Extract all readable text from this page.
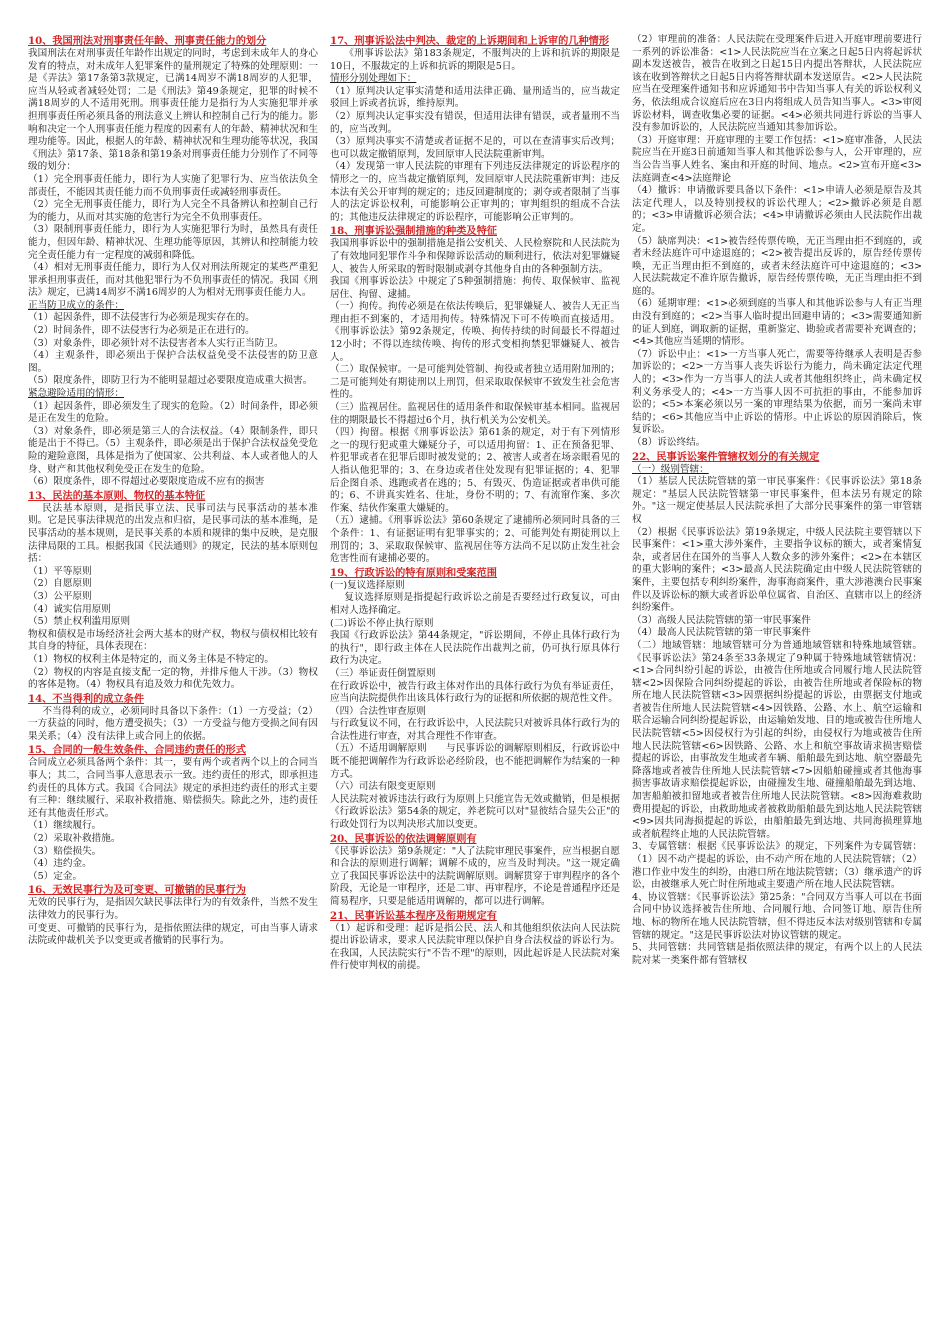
10、我国刑法对刑事责任年龄、刑事责任能力的划分

我国刑法在对刑事责任年龄作出规定的同时，考虑到未成年人的身心发育的特点，对未成年人犯罪案件的量刑规定了特殊的处理原则：一是《弄法》第17条第3款规定，已满14周岁不满18周岁的人犯罪，应当从轻或者减轻处罚；二是《刑法》第49条规定，犯罪的时候不满18周岁的人不适用死刑。刑事责任能力是指行为人实施犯罪并承担刑事责任所必须具备的刑法意义上辨认和控制自己行为的能力。影响和决定一个人刑事责任能力程度的因素有人的年龄、精神状况和生理功能等。因此，根据人的年龄、精神状况和生理功能等状况，我国《刑法》第17条、第18条和第19条对刑事责任能力分别作了不同等级的划分：

（1）完全刑事责任能力，即行为人实施了犯罪行为、应当依法负全部责任，不能因其责任能力而不负刑事责任或减轻刑事责任。

（2）完全无刑事责任能力，即行为人完全不具备辨认和控制自己行为的能力，从而对其实施的危害行为完全不负刑事责任。

（3）限制刑事责任能力，即行为人实施犯罪行为时，虽然具有责任能力，但因年龄、精神状况、生理功能等原因，其辨认和控制能力较完全责任能力有一定程度的减弱和降低。

（4）相对无刑事责任能力，即行为人仅对刑法所规定的某些严重犯罪承担刑事责任，而对其他犯罪行为不负刑事责任的情况。我国《刑法》规定，已满14周岁不满16周岁的人为相对无刑事责任能力人。

正当防卫成立的条件：

（1）起因条件，即不法侵害行为必须是现实存在的。

（2）时间条件，即不法侵害行为必须是正在进行的。

（3）对象条件，即必须针对不法侵害者本人实行正当防卫。

（4）主观条件，即必须出于保护合法权益免受不法侵害的防卫意图。

（5）限度条件，即防卫行为不能明显超过必要限度造成重大损害。

紧急避险适用的情形：

（1）起因条件，即必须发生了现实的危险。（2）时间条件，即必须是正在发生的危险。

（3）对象条件，即必须是第三人的合法权益。（4）限制条件，即只能是出于不得已。（5）主观条件，即必须是出于保护合法权益免受危险的避险意图，具体是指为了使国家、公共利益、本人或者他人的人身、财产和其他权利免受正在发生的危险。

（6）限度条件，即不得超过必要限度造成不应有的损害

13、民法的基本原则、物权的基本特征

民法基本原则，是指民事立法、民事司法与民事活动的基本准则。它是民事法律规范的出发点和归宿，是民事司法的基本准绳，是民事活动的基本规则，是民事关系的本质和规律的集中反映，是克服法律局限的工具。根据我国《民法通则》的规定，民法的基本原则包括：

（1）平等原则

（2）自愿原则

（3）公平原则

（4）诚实信用原则

（5）禁止权利滥用原则

物权和债权是市场经济社会两大基本的财产权，物权与债权相比较有其自身的特征，具体表现在：

（1）物权的权利主体是特定的，而义务主体是不特定的。

（2）物权的内容是直接支配一定的物，并排斥他人干涉。（3）物权的客体是物。（4）物权具有追及效力和优先效力。

14、不当得利的成立条件

不当得利的成立，必须同时具备以下条件：（1）一方受益；（2）一方获益的同时，他方遭受损失；（3）一方受益与他方受损之间有因果关系；（4）没有法律上或合同上的依据。

15、合同的一般生效条件、合同违约责任的形式

合同成立必须具备两个条件：其一，要有两个或者两个以上的合同当事人；其二，合同当事人意思表示一致。违约责任的形式，即承担违约责任的具体方式。我国《合同法》规定的承担违约责任的形式主要有三种：继续履行、采取补救措施、赔偿损失。除此之外，违约责任还有其他责任形式。

（1）继续履行。

（2）采取补救措施。

（3）赔偿损失。

（4）违约金。

（5）定金。

16、无效民事行为及可变更、可撤销的民事行为

无效的民事行为，是指因欠缺民事法律行为的有效条件，当然不发生法律效力的民事行为。

可变更、可撤销的民事行为，是指依照法律的规定，可由当事人请求法院或仲裁机关予以变更或者撤销的民事行为。

17、刑事诉讼法中判决、裁定的上诉期间和上诉审的几种情形

《刑事诉讼法》第183条规定，不服判决的上诉和抗诉的期限是10日，不服裁定的上诉和抗诉的期限是5日。

情形分别处理如下：

（1）原判决认定事实清楚和适用法律正确、量刑适当的，应当裁定驳回上诉或者抗诉，维持原判。

（2）原判决认定事实没有错误，但适用法律有错误，或者量刑不当的，应当改判。

（3）原判决事实不清楚或者证据不足的，可以在查清事实后改判；也可以裁定撤销原判，发回原审人民法院重新审判。

（4）发现第一审人民法院的审理有下列违反法律规定的诉讼程序的情形之一的，应当裁定撤销原判，发回原审人民法院重新审判：违反本法有关公开审判的规定的；违反回避制度的；剥夺或者限制了当事人的法定诉讼权利，可能影响公正审判的；审判组织的组成不合法的；其他违反法律规定的诉讼程序，可能影响公正审判的。

18、刑事诉讼强制措施的种类及特征

我国刑事诉讼中的强制措施是指公安机关、人民检察院和人民法院为了有效地同犯罪作斗争和保障诉讼活动的顺利进行，依法对犯罪嫌疑人、被告人所采取的暂时限制或剥夺其他身自由的各种强制方法。

我国《刑事诉讼法》中规定了5种强制措施：拘传、取保候审、监视居住、拘留、逮捕。

（一）拘传。拘传必须是在依法传唤后，犯罪嫌疑人、被告人无正当理由拒不到案的，才适用拘传。特殊情况下可不传唤而直接适用。《刑事诉讼法》第92条规定，传唤、拘传持续的时间最长不得超过12小时；不得以连续传唤、拘传的形式变相拘禁犯罪嫌疑人、被告人。

（二）取保候审。一是可能判处管制、拘役或者独立适用附加刑的；二是可能判处有期徒刑以上刑罚，但采取取保候审不致发生社会危害性的。

（三）监视居住。监视居住的适用条件和取保候审基本相同。监视居住的期限最长不得超过6个月，执行机关为公安机关。

（四）拘留。根据《刑事诉讼法》第61条的规定，对于有下列情形之一的现行犯或重大嫌疑分子，可以适用拘留：1、正在预备犯罪、杵犯罪或者在犯罪后即时被发觉的；2、被害人或者在场亲眼看见的人指认他犯罪的；3、在身边或者住处发现有犯罪证据的；4、犯罪后企图自杀、逃跑或者在逃的；5、有毁灭、伪造证据或者串供可能的；6、不讲真实姓名、住址，身份不明的；7、有流窜作案、多次作案、结伙作案重大嫌疑的。

（五）逮捕。《刑事诉讼法》第60条规定了逮捕所必须同时具备的三个条件：1、有证据证明有犯罪事实的；2、可能判处有期徒刑以上刑罚的；3、采取取保候审、监视居住等方法尚不足以防止发生社会危害性而有逮捕必要的。

19、行政诉讼的特有原则和受案范围

(一)复议选择原则

复议选择原则是指提起行政诉讼之前是否要经过行政复议，可由相对人选择确定。

(二)诉讼不停止执行原则

我国《行政诉讼法》第44条规定，"诉讼期间，不停止具体行政行为的执行"，即行政主体在人民法院作出裁判之前，仍可执行原具体行政行为决定。

（三）举证责任倒置原则

在行政诉讼中，被告行政主体对作出的具体行政行为负有举证责任，应当向法院提供作出该具体行政行为的证据和所依据的规范性文件。

（四）合法性审查原则

与行政复议不同，在行政诉讼中，人民法院只对被诉具体行政行为的合法性进行审查，对其合理性不作审查。

（五）不适用调解原则　　与民事诉讼的调解原则相反，行政诉讼中既不能把调解作为行政诉讼必经阶段，也不能把调解作为结案的一种方式。

（六）司法有限变更原则

人民法院对被诉违法行政行为原则上只能宣告无效或撤销，但是根据《行政诉讼法》第54条的规定，养老院可以对"显彼结合显失公正"的行政处罚行为以判决形式加以变更。

20、民事诉讼的依法调解原则有

《民事诉讼法》第9条规定："人了法院审理民事案件，应当根据自愿和合法的原则进行调解；调解不成的，应当及时判决。"这一规定确立了我国民事诉讼法中的法院调解原则。调解贯穿于审判程序的各个阶段，无论是一审程序，还是二审、再审程序，不论是普通程序还是简易程序，只要是能适用调解的，都可以进行调解。

21、民事诉讼基本程序及衔期规定有

（1）起诉和受理：起诉是指公民、法人和其他组织依法向人民法院提出诉讼请求，要求人民法院审理以保护自身合法权益的诉讼行为。在我国，人民法院实行"不告不理"的原则，因此起诉是人民法院对案件行使审判权的前提。

（2）审理前的准备：人民法院在受理案件后进入开庭审理前要进行一系列的诉讼准备：<1>人民法院应当在立案之日起5日内将起诉状副本发送被告，被告在收到之日起15日内提出答辩状，人民法院应该在收到答辩状之日起5日内将答辩状副本发送原告。<2>人民法院应当在受理案件通知书和应诉通知书中告知当事人有关的诉讼权利义务，依法组成合议庭后应在3日内将组成人员告知当事人。<3>审阅诉讼材料，调查收集必要的证据。<4>必须共同进行诉讼的当事人没有参加诉讼的，人民法院应当通知其参加诉讼。

（3）开庭审理：开庭审理的主要工作包括：<1>庭审准备，人民法院应当在开庭3日前通知当事人和其他诉讼参与人，公开审理的，应当公告当事人姓名、案由和开庭的时间、地点。<2>宣布开庭<3>法庭调查<4>法庭辩论

（4）撤诉：申请撤诉要具备以下条件：<1>申请人必须是原告及其法定代理人，以及特别授权的诉讼代理人；<2>撤诉必须是自愿的；<3>申请撤诉必须合法；<4>申请撤诉必须由人民法院作出裁定。

（5）缺席判决：<1>被告经传票传唤，无正当理由拒不到庭的，或者未经法庭许可中途退庭的；<2>被告提出反诉的，原告经传票传唤，无正当理由拒不到庭的，或者未经法庭许可中途退庭的；<3>人民法院裁定不准许原告撤诉，原告经传票传唤，无正当理由拒不到庭的。

（6）延期审理：<1>必须到庭的当事人和其他诉讼参与人有正当理由没有到庭的；<2>当事人临时提出回避申请的；<3>需要通知新的证人到庭，调取新的证据，重新鉴定、勘验或者需要补充调查的；<4>其他应当延期的情形。

（7）诉讼中止：<1>一方当事人死亡，需要等待继承人表明是否参加诉讼的；<2>一方当事人丧失诉讼行为能力，尚未确定法定代理人的；<3>作为一方当事人的法人或者其他组织终止，尚未确定权利义务承受人的；<4>一方当事人因不可抗拒的事由，不能参加诉讼的；<5>本案必须以另一案的审理结果为依据，而另一案尚未审结的；<6>其他应当中止诉讼的情形。中止诉讼的原因消除后，恢复诉讼。

（8）诉讼终结。

22、民事诉讼案件管辖权划分的有关规定

（一）级别管辖：

（1）基层人民法院管辖的第一审民事案件：《民事诉讼法》第18条规定："基层人民法院管辖第一审民事案件，但本法另有规定的除外。"这一规定使基层人民法院承担了大部分民事案件的第一审管辖权

（2）根据《民事诉讼法》第19条规定，中级人民法院主要管辖以下民事案件：<1>重大涉外案件，主要指争议标的额大，或者案情复杂，或者居住在国外的当事人人数众多的涉外案件；<2>在本辖区的重大影响的案件；<3>最高人民法院确定由中级人民法院管辖的案件，主要包括专利纠纷案件，海事海商案件，重大涉港澳台民事案件以及诉讼标的额大或者诉讼单位属省、自治区、直辖市以上的经济纠纷案件。

（3）高级人民法院管辖的第一审民事案件

（4）最高人民法院管辖的第一审民事案件

（二）地域管辖：地域管辖可分为普通地域管辖和特殊地域管辖。《民事诉讼法》第24条至33条规定了9种属于特殊地域管辖情况：<1>合同纠纷引起的诉讼，由被告住所地或合同履行地人民法院管辖<2>因保险合同纠纷提起的诉讼，由被告住所地或者保险标的物所在地人民法院管辖<3>因票据纠纷提起的诉讼，由票据支付地或者被告住所地人民法院管辖<4>因铁路、公路、水上、航空运输和联合运输合同纠纷提起诉讼，由运输始发地、目的地或被告住所地人民法院管辖<5>因侵权行为引起的纠纷，由侵权行为地或被告住所地人民法院管辖<6>因铁路、公路、水上和航空事故请求损害赔偿提起的诉讼，由事故发生地或者车辆、船舶最先到达地、航空器最先降落地或者被告住所地人民法院管辖<7>因船舶碰撞或者其他海事损害事故请求赔偿提起诉讼，由碰撞发生地、碰撞船舶最先到达地、加害船舶被扣留地或者被告住所地人民法院管辖。<8>因海难救助费用提起的诉讼，由救助地或者被救助船舶最先到达地人民法院管辖<9>因共同海损提起的诉讼，由船舶最先到达地、共同海损理算地或者航程终止地的人民法院管辖。

3、专属管辖：根据《民事诉讼法》的规定，下列案件为专属管辖：（1）因不动产提起的诉讼，由不动产所在地的人民法院管辖；（2）港口作业中发生的纠纷，由港口所在地法院管辖；（3）继承遗产的诉讼，由被继承人死亡时住所地或主要遗产所在地人民法院管辖。

4、协议管辖：《民事诉讼法》第25条："合同双方当事人可以在书面合同中协议选择被告住所地、合同履行地、合同签订地、原告住所地、标的物所在地人民法院管辖，但不得违反本法对级别管辖和专属管辖的规定。"这是民事诉讼法对协议管辖的规定。

5、共同管辖：共同管辖是指依照法律的规定，有两个以上的人民法院对某一类案件都有管辖权
